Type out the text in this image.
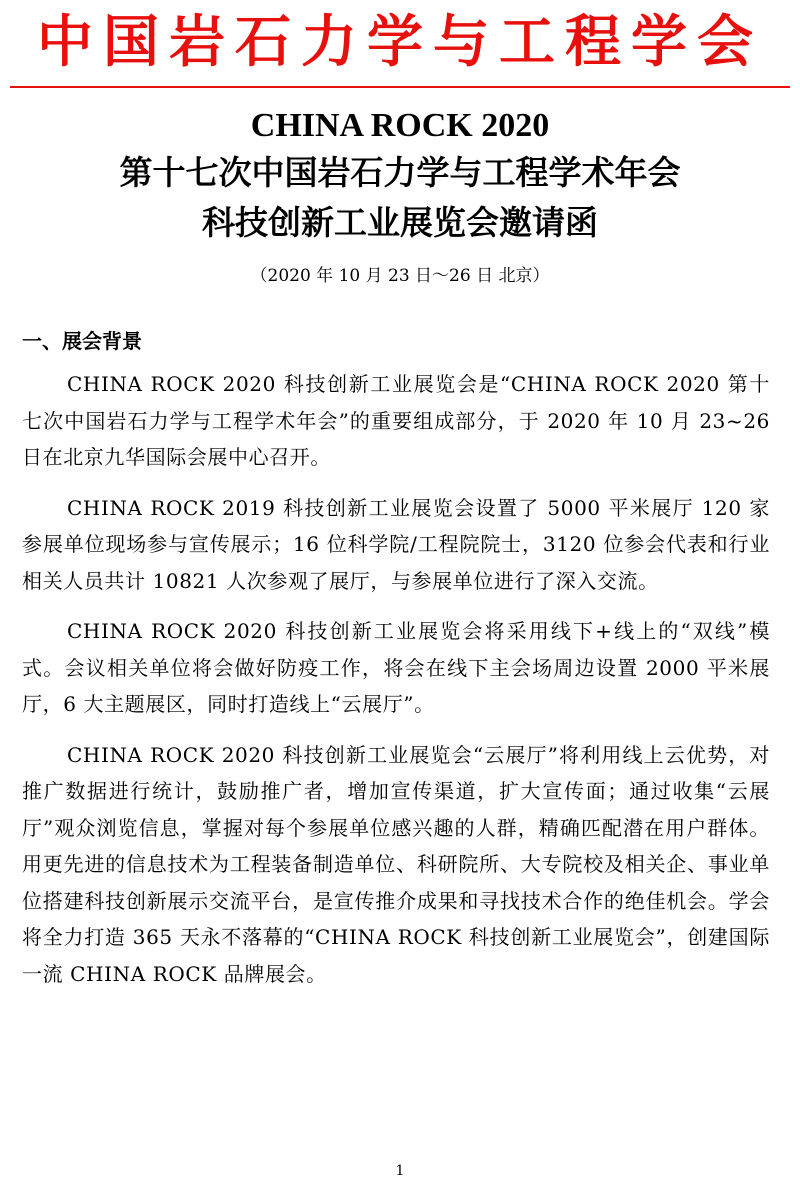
中国岩石力学与工程学会
CHINA ROCK 2020
第十七次中国岩石力学与工程学术年会
科技创新工业展览会邀请函
（2020 年 10 月 23 日～26 日 北京）
一、展会背景

CHINA ROCK 2020 科技创新工业展览会是“CHINA ROCK 2020 第十七次中国岩石力学与工程学术年会”的重要组成部分，于 2020 年 10 月 23~26 日在北京九华国际会展中心召开。

CHINA ROCK 2019 科技创新工业展览会设置了 5000 平米展厅 120 家参展单位现场参与宣传展示；16 位科学院/工程院院士，3120 位参会代表和行业相关人员共计 10821 人次参观了展厅，与参展单位进行了深入交流。

CHINA ROCK 2020 科技创新工业展览会将采用线下+线上的“双线”模式。会议相关单位将会做好防疫工作，将会在线下主会场周边设置 2000 平米展厅，6 大主题展区，同时打造线上“云展厅”。

CHINA ROCK 2020 科技创新工业展览会“云展厅”将利用线上云优势，对推广数据进行统计，鼓励推广者，增加宣传渠道，扩大宣传面；通过收集“云展厅”观众浏览信息，掌握对每个参展单位感兴趣的人群，精确匹配潜在用户群体。用更先进的信息技术为工程装备制造单位、科研院所、大专院校及相关企、事业单位搭建科技创新展示交流平台，是宣传推介成果和寻找技术合作的绝佳机会。学会将全力打造 365 天永不落幕的“CHINA ROCK 科技创新工业展览会”，创建国际一流 CHINA ROCK 品牌展会。

1
